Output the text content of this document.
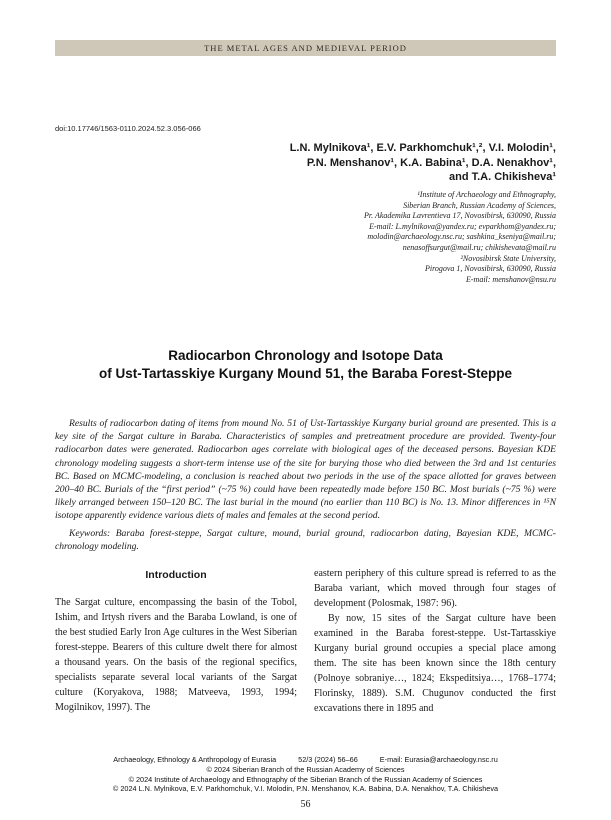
THE METAL AGES AND MEDIEVAL PERIOD
doi:10.17746/1563-0110.2024.52.3.056-066
L.N. Mylnikova¹, E.V. Parkhomchuk¹,², V.I. Molodin¹,
P.N. Menshanov¹, K.A. Babina¹, D.A. Nenakhov¹,
and T.A. Chikisheva¹
¹Institute of Archaeology and Ethnography,
Siberian Branch, Russian Academy of Sciences,
Pr. Akademika Lavrentieva 17, Novosibirsk, 630090, Russia
E-mail: L.mylnikova@yandex.ru; evparkhom@yandex.ru;
molodin@archaeology.nsc.ru; sashkina_kseniya@mail.ru;
nenasoffsurgut@mail.ru; chikishevata@mail.ru
²Novosibirsk State University,
Pirogova 1, Novosibirsk, 630090, Russia
E-mail: menshanov@nsu.ru
Radiocarbon Chronology and Isotope Data
of Ust-Tartasskiye Kurgany Mound 51, the Baraba Forest-Steppe

Results of radiocarbon dating of items from mound No. 51 of Ust-Tartasskiye Kurgany burial ground are presented. This is a key site of the Sargat culture in Baraba. Characteristics of samples and pretreatment procedure are provided. Twenty-four radiocarbon dates were generated. Radiocarbon ages correlate with biological ages of the deceased persons. Bayesian KDE chronology modeling suggests a short-term intense use of the site for burying those who died between the 3rd and 1st centuries BC. Based on MCMC-modeling, a conclusion is reached about two periods in the use of the space allotted for graves between 200–40 BC. Burials of the “first period” (~75 %) could have been repeatedly made before 150 BC. Most burials (~75 %) were likely arranged between 150–120 BC. The last burial in the mound (no earlier than 110 BC) is No. 13. Minor differences in ¹⁵N isotope apparently evidence various diets of males and females at the second period.

Keywords: Baraba forest-steppe, Sargat culture, mound, burial ground, radiocarbon dating, Bayesian KDE, MCMC-chronology modeling.

Introduction

The Sargat culture, encompassing the basin of the Tobol, Ishim, and Irtysh rivers and the Baraba Lowland, is one of the best studied Early Iron Age cultures in the West Siberian forest-steppe. Bearers of this culture dwelt there for almost a thousand years. On the basis of the regional specifics, specialists separate several local variants of the Sargat culture (Koryakova, 1988; Matveeva, 1993, 1994; Mogilnikov, 1997). The

eastern periphery of this culture spread is referred to as the Baraba variant, which moved through four stages of development (Polosmak, 1987: 96).

By now, 15 sites of the Sargat culture have been examined in the Baraba forest-steppe. Ust-Tartasskiye Kurgany burial ground occupies a special place among them. The site has been known since the 18th century (Polnoye sobraniye…, 1824; Ekspeditsiya…, 1768–1774; Florinsky, 1889). S.M. Chugunov conducted the first excavations there in 1895 and

Archaeology, Ethnology & Anthropology of Eurasia	52/3 (2024) 56–66	E-mail: Eurasia@archaeology.nsc.ru
© 2024 Siberian Branch of the Russian Academy of Sciences
© 2024 Institute of Archaeology and Ethnography of the Siberian Branch of the Russian Academy of Sciences
© 2024 L.N. Mylnikova, E.V. Parkhomchuk, V.I. Molodin, P.N. Menshanov, K.A. Babina, D.A. Nenakhov, T.A. Chikisheva
56
